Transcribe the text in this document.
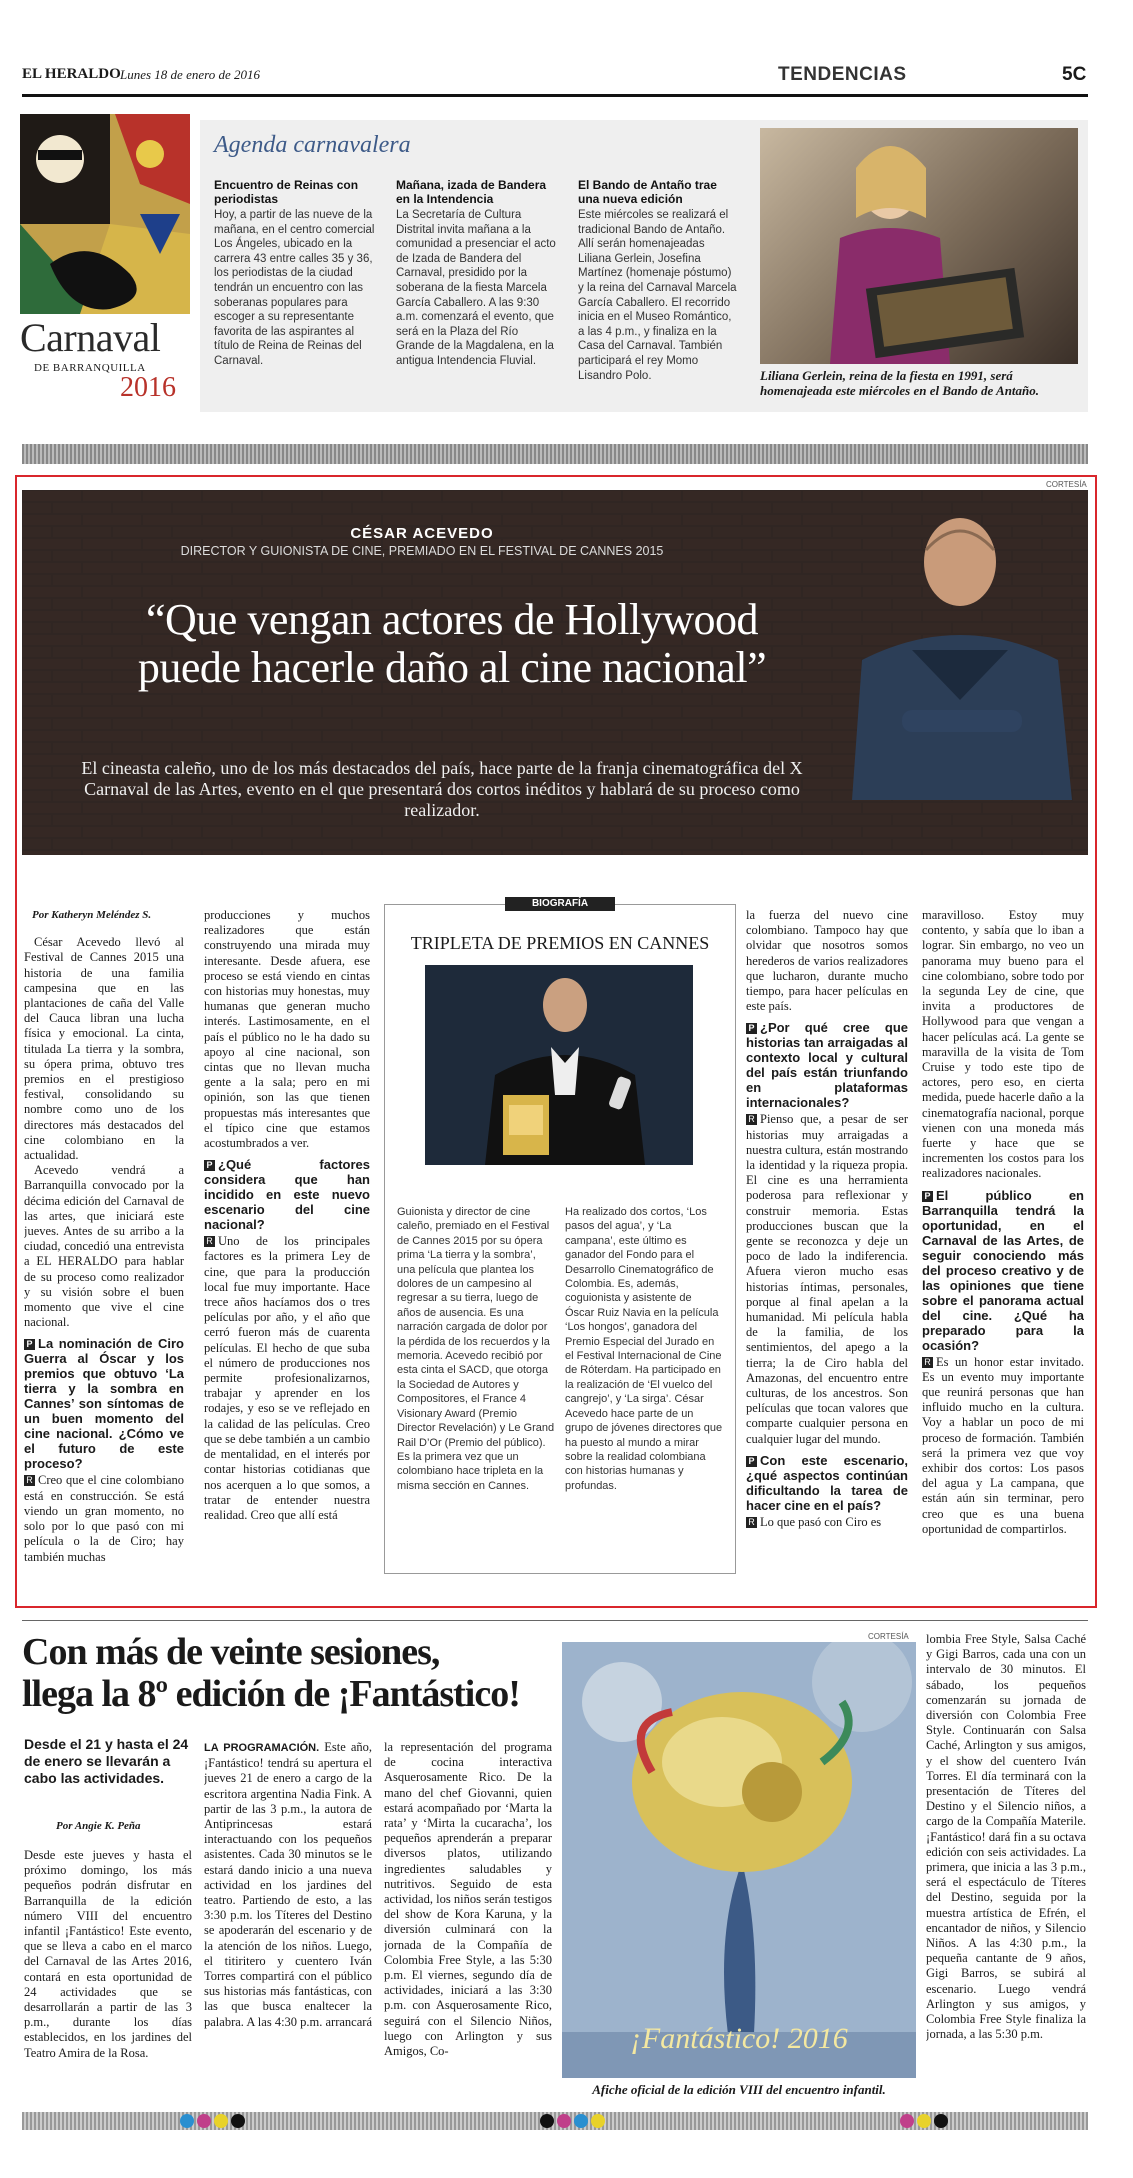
EL HERALDO Lunes 18 de enero de 2016	TENDENCIAS	5C
Carnaval
DE BARRANQUILLA
2016
Agenda carnavalera
Encuentro de Reinas con periodistas
Hoy, a partir de las nueve de la mañana, en el centro comercial Los Ángeles, ubicado en la carrera 43 entre calles 35 y 36, los periodistas de la ciudad tendrán un encuentro con las soberanas populares para escoger a su representante favorita de las aspirantes al título de Reina de Reinas del Carnaval.
Mañana, izada de Bandera en la Intendencia
La Secretaría de Cultura Distrital invita mañana a la comunidad a presenciar el acto de Izada de Bandera del Carnaval, presidido por la soberana de la fiesta Marcela García Caballero. A las 9:30 a.m. comenzará el evento, que será en la Plaza del Río Grande de la Magdalena, en la antigua Intendencia Fluvial.
El Bando de Antaño trae una nueva edición
Este miércoles se realizará el tradicional Bando de Antaño. Allí serán homenajeadas Liliana Gerlein, Josefina Martínez (homenaje póstumo) y la reina del Carnaval Marcela García Caballero. El recorrido inicia en el Museo Romántico, a las 4 p.m., y finaliza en la Casa del Carnaval. También participará el rey Momo Lisandro Polo.	Liliana Gerlein, reina de la fiesta en 1991, será homenajeada este miércoles en el Bando de Antaño.
CORTESÍA
CÉSAR ACEVEDO
DIRECTOR Y GUIONISTA DE CINE, PREMIADO EN EL FESTIVAL DE CANNES 2015
“Que vengan actores de Hollywood
puede hacerle daño al cine nacional”
El cineasta caleño, uno de los más destacados del país, hace parte de la franja cinematográfica del X Carnaval de las Artes, evento en el que presentará dos cortos inéditos y hablará de su proceso como realizador.
Por Katheryn Meléndez S.

César Acevedo llevó al Festival de Cannes 2015 una historia de una familia campesina que en las plantaciones de caña del Valle del Cauca libran una lucha física y emocional. La cinta, titulada La tierra y la sombra, su ópera prima, obtuvo tres premios en el prestigioso festival, consolidando su nombre como uno de los directores más destacados del cine colombiano en la actualidad.

Acevedo vendrá a Barranquilla convocado por la décima edición del Carnaval de las artes, que iniciará este jueves. Antes de su arribo a la ciudad, concedió una entrevista a EL HERALDO para hablar de su proceso como realizador y su visión sobre el buen momento que vive el cine nacional.

P La nominación de Ciro Guerra al Óscar y los premios que obtuvo ‘La tierra y la sombra en Cannes’ son síntomas de un buen momento del cine nacional. ¿Cómo ve el futuro de este proceso?

R Creo que el cine colombiano está en construcción. Se está viendo un gran momento, no solo por lo que pasó con mi película o la de Ciro; hay también muchas

producciones y muchos realizadores que están construyendo una mirada muy interesante. Desde afuera, ese proceso se está viendo en cintas con historias muy honestas, muy humanas que generan mucho interés. Lastimosamente, en el país el público no le ha dado su apoyo al cine nacional, son cintas que no llevan mucha gente a la sala; pero en mi opinión, son las que tienen propuestas más interesantes que el típico cine que estamos acostumbrados a ver.

P ¿Qué factores considera que han incidido en este nuevo escenario del cine nacional?

R Uno de los principales factores es la primera Ley de cine, que para la producción local fue muy importante. Hace trece años hacíamos dos o tres películas por año, y el año que cerró fueron más de cuarenta películas. El hecho de que suba el número de producciones nos permite profesionalizarnos, trabajar y aprender en los rodajes, y eso se ve reflejado en la calidad de las películas. Creo que se debe también a un cambio de mentalidad, en el interés por contar historias cotidianas que nos acerquen a lo que somos, a tratar de entender nuestra realidad. Creo que allí está

BIOGRAFÍA
TRIPLETA DE PREMIOS EN CANNES
Guionista y director de cine caleño, premiado en el Festival de Cannes 2015 por su ópera prima ‘La tierra y la sombra’, una película que plantea los dolores de un campesino al regresar a su tierra, luego de años de ausencia. Es una narración cargada de dolor por la pérdida de los recuerdos y la memoria. Acevedo recibió por esta cinta el SACD, que otorga la Sociedad de Autores y Compositores, el France 4 Visionary Award (Premio Director Revelación) y Le Grand Rail D’Or (Premio del público). Es la primera vez que un colombiano hace tripleta en la misma sección en Cannes.
Ha realizado dos cortos, ‘Los pasos del agua’, y ‘La campana’, este último es ganador del Fondo para el Desarrollo Cinematográfico de Colombia. Es, además, coguionista y asistente de Óscar Ruiz Navia en la película ‘Los hongos’, ganadora del Premio Especial del Jurado en el Festival Internacional de Cine de Róterdam. Ha participado en la realización de ‘El vuelco del cangrejo’, y ‘La sirga’. César Acevedo hace parte de un grupo de jóvenes directores que ha puesto al mundo a mirar sobre la realidad colombiana con historias humanas y profundas.

la fuerza del nuevo cine colombiano. Tampoco hay que olvidar que nosotros somos herederos de varios realizadores que lucharon, durante mucho tiempo, para hacer películas en este país.

P ¿Por qué cree que historias tan arraigadas al contexto local y cultural del país están triunfando en plataformas internacionales?

R Pienso que, a pesar de ser historias muy arraigadas a nuestra cultura, están mostrando la identidad y la riqueza propia. El cine es una herramienta poderosa para reflexionar y construir memoria. Estas producciones buscan que la gente se reconozca y deje un poco de lado la indiferencia. Afuera vieron mucho esas historias íntimas, personales, porque al final apelan a la humanidad. Mi película habla de la familia, de los sentimientos, del apego a la tierra; la de Ciro habla del Amazonas, del encuentro entre culturas, de los ancestros. Son películas que tocan valores que comparte cualquier persona en cualquier lugar del mundo.

P Con este escenario, ¿qué aspectos continúan dificultando la tarea de hacer cine en el país?

R Lo que pasó con Ciro es

maravilloso. Estoy muy contento, y sabía que lo iban a lograr. Sin embargo, no veo un panorama muy bueno para el cine colombiano, sobre todo por la segunda Ley de cine, que invita a productores de Hollywood para que vengan a hacer películas acá. La gente se maravilla de la visita de Tom Cruise y todo este tipo de actores, pero eso, en cierta medida, puede hacerle daño a la cinematografía nacional, porque vienen con una moneda más fuerte y hace que se incrementen los costos para los realizadores nacionales.

P El público en Barranquilla tendrá la oportunidad, en el Carnaval de las Artes, de seguir conociendo más del proceso creativo y de las opiniones que tiene sobre el panorama actual del cine. ¿Qué ha preparado para la ocasión?

R Es un honor estar invitado. Es un evento muy importante que reunirá personas que han influido mucho en la cultura. Voy a hablar un poco de mi proceso de formación. También será la primera vez que voy exhibir dos cortos: Los pasos del agua y La campana, que están aún sin terminar, pero creo que es una buena oportunidad de compartirlos.

Con más de veinte sesiones,
llega la 8º edición de ¡Fantástico!
Desde el 21 y hasta el 24 de enero se llevarán a cabo las actividades.
Por Angie K. Peña

Desde este jueves y hasta el próximo domingo, los más pequeños podrán disfrutar en Barranquilla de la edición número VIII del encuentro infantil ¡Fantástico! Este evento, que se lleva a cabo en el marco del Carnaval de las Artes 2016, contará en esta oportunidad de 24 actividades que se desarrollarán a partir de las 3 p.m., durante los días establecidos, en los jardines del Teatro Amira de la Rosa.

LA PROGRAMACIÓN. Este año, ¡Fantástico! tendrá su apertura el jueves 21 de enero a cargo de la escritora argentina Nadia Fink. A partir de las 3 p.m., la autora de Antiprincesas estará interactuando con los pequeños asistentes. Cada 30 minutos se le estará dando inicio a una nueva actividad en los jardines del teatro. Partiendo de esto, a las 3:30 p.m. los Títeres del Destino se apoderarán del escenario y de la atención de los niños. Luego, el titiritero y cuentero Iván Torres compartirá con el público sus historias más fantásticas, con las que busca enaltecer la palabra. A las 4:30 p.m. arrancará

la representación del programa de cocina interactiva Asquerosamente Rico. De la mano del chef Giovanni, quien estará acompañado por ‘Marta la rata’ y ‘Mirta la cucaracha’, los pequeños aprenderán a preparar diversos platos, utilizando ingredientes saludables y nutritivos. Seguido de esta actividad, los niños serán testigos del show de Kora Karuna, y la diversión culminará con la jornada de la Compañía de Colombia Free Style, a las 5:30 p.m. El viernes, segundo día de actividades, iniciará a las 3:30 p.m. con Asquerosamente Rico, seguirá con el Silencio Niños, luego con Arlington y sus Amigos, Co-

CORTESÍA
¡Fantástico! 2016
Afiche oficial de la edición VIII del encuentro infantil.

lombia Free Style, Salsa Caché y Gigi Barros, cada una con un intervalo de 30 minutos. El sábado, los pequeños comenzarán su jornada de diversión con Colombia Free Style. Continuarán con Salsa Caché, Arlington y sus amigos, y el show del cuentero Iván Torres. El día terminará con la presentación de Títeres del Destino y el Silencio niños, a cargo de la Compañía Materile. ¡Fantástico! dará fin a su octava edición con seis actividades. La primera, que inicia a las 3 p.m., será el espectáculo de Títeres del Destino, seguida por la muestra artística de Efrén, el encantador de niños, y Silencio Niños. A las 4:30 p.m., la pequeña cantante de 9 años, Gigi Barros, se subirá al escenario. Luego vendrá Arlington y sus amigos, y Colombia Free Style finaliza la jornada, a las 5:30 p.m.
